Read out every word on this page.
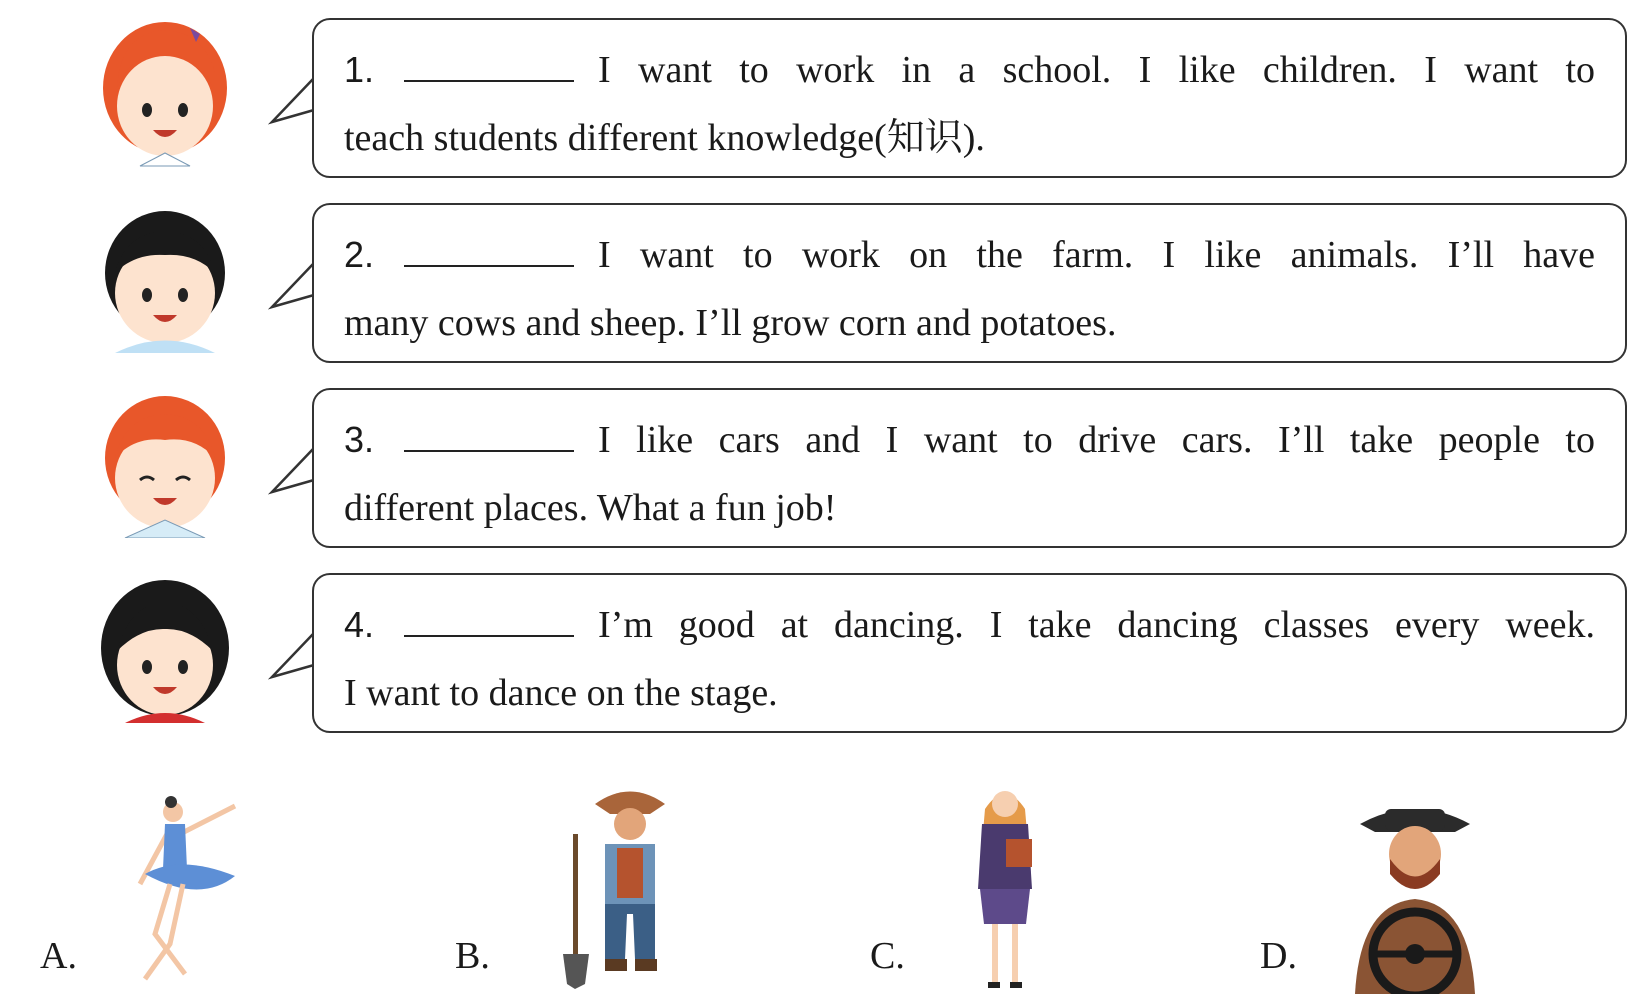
1.	I want to work in a school. I like children. I want to
teach students different knowledge(知识).
2.	I want to work on the farm. I like animals. I’ll have
many cows and sheep. I’ll grow corn and potatoes.
3.	I like cars and I want to drive cars. I’ll take people to
different places. What a fun job!
4.	I’m good at dancing. I take dancing classes every week.
I want to dance on the stage.
A.	B.	C.	D.
